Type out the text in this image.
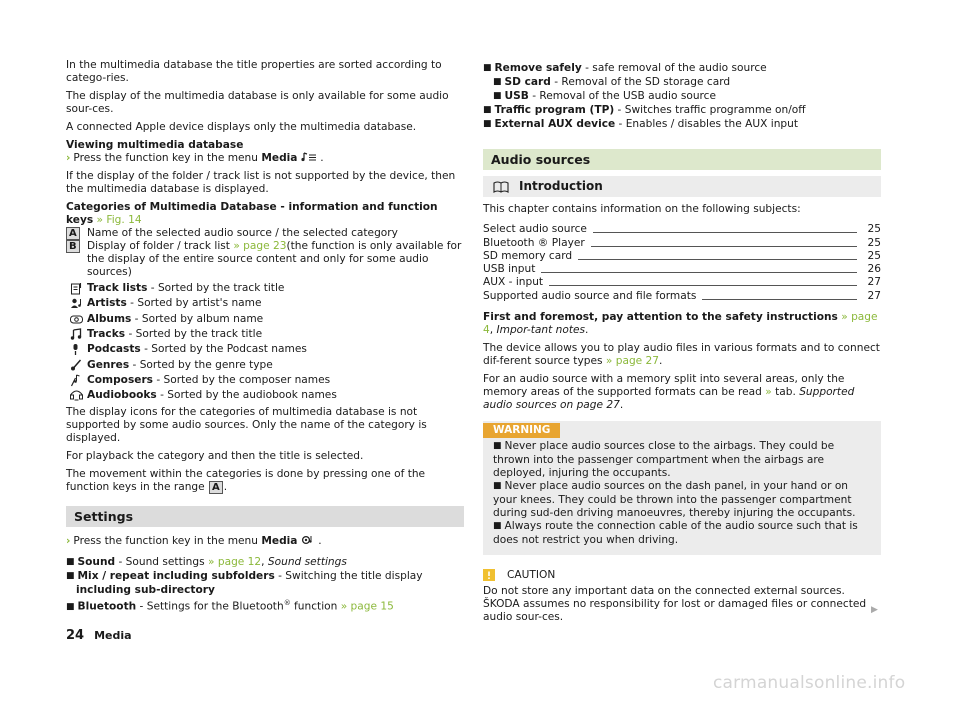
In the multimedia database the title properties are sorted according to catego-ries.

The display of the multimedia database is only available for some audio sour-ces.

A connected Apple device displays only the multimedia database.

Viewing multimedia database

› Press the function key in the menu Media .

If the display of the folder / track list is not supported by the device, then the multimedia database is displayed.

Categories of Multimedia Database - information and function keys » Fig. 14
A Name of the selected audio source / the selected category
B Display of folder / track list » page 23(the function is only available for the display of the entire source content and only for some audio sources)
Track lists - Sorted by the track title
Artists - Sorted by artist's name
Albums - Sorted by album name
Tracks - Sorted by the track title
Podcasts - Sorted by the Podcast names
Genres - Sorted by the genre type
Composers - Sorted by the composer names
Audiobooks - Sorted by the audiobook names

The display icons for the categories of multimedia database is not supported by some audio sources. Only the name of the category is displayed.

For playback the category and then the title is selected.

The movement within the categories is done by pressing one of the function keys in the range A .

Settings

› Press the function key in the menu Media .

■ Sound - Sound settings » page 12, Sound settings
■ Mix / repeat including subfolders - Switching the title display including sub-directory
■ Bluetooth - Settings for the Bluetooth® function » page 15
■ Remove safely - safe removal of the audio source
■ SD card - Removal of the SD storage card
■ USB - Removal of the USB audio source
■ Traffic program (TP) - Switches traffic programme on/off
■ External AUX device - Enables / disables the AUX input
Audio sources
Introduction

This chapter contains information on the following subjects:

Select audio source	25
Bluetooth ® Player	25
SD memory card	25
USB input	26
AUX - input	27
Supported audio source and file formats	27

First and foremost, pay attention to the safety instructions » page 4, Impor-tant notes.

The device allows you to play audio files in various formats and to connect dif-ferent source types » page 27.

For an audio source with a memory split into several areas, only the memory areas of the supported formats can be read » tab. Supported audio sources on page 27.

WARNING
■ Never place audio sources close to the airbags. They could be thrown into the passenger compartment when the airbags are deployed, injuring the occupants.
■ Never place audio sources on the dash panel, in your hand or on your knees. They could be thrown into the passenger compartment during sud-den driving manoeuvres, thereby injuring the occupants.
■ Always route the connection cable of the audio source such that is does not restrict you when driving.
CAUTION

Do not store any important data on the connected external sources. ŠKODA assumes no responsibility for lost or damaged files or connected audio sour-ces.

▶
24 Media
carmanualsonline.info
